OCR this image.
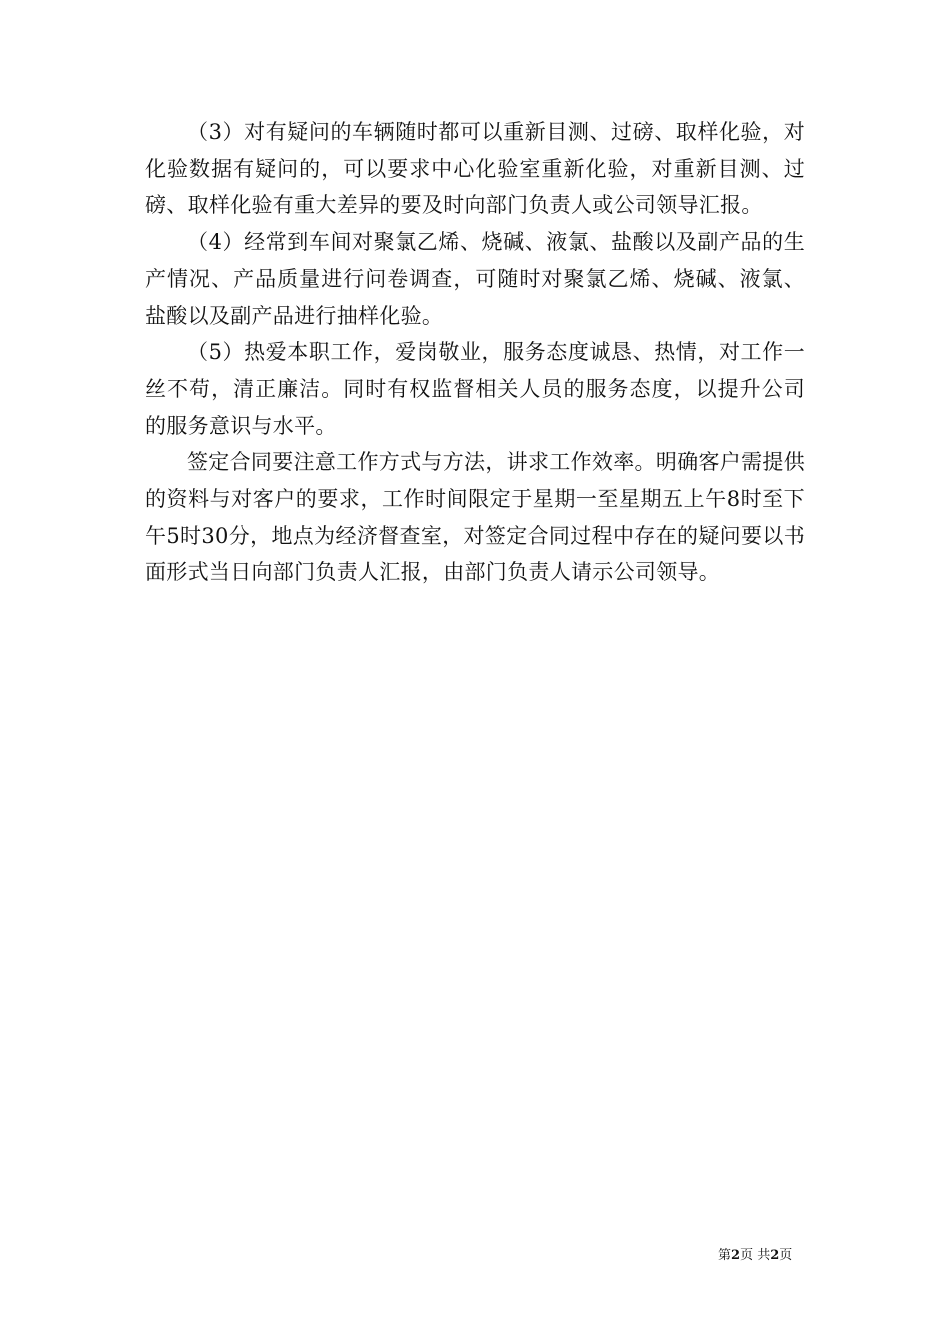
（3）对有疑问的车辆随时都可以重新目测、过磅、取样化验，对化验数据有疑问的，可以要求中心化验室重新化验，对重新目测、过磅、取样化验有重大差异的要及时向部门负责人或公司领导汇报。

（4）经常到车间对聚氯乙烯、烧碱、液氯、盐酸以及副产品的生产情况、产品质量进行问卷调查，可随时对聚氯乙烯、烧碱、液氯、盐酸以及副产品进行抽样化验。

（5）热爱本职工作，爱岗敬业，服务态度诚恳、热情，对工作一丝不苟，清正廉洁。同时有权监督相关人员的服务态度，以提升公司的服务意识与水平。

签定合同要注意工作方式与方法，讲求工作效率。明确客户需提供的资料与对客户的要求，工作时间限定于星期一至星期五上午8时至下午5时30分，地点为经济督查室，对签定合同过程中存在的疑问要以书面形式当日向部门负责人汇报，由部门负责人请示公司领导。

第2页 共2页
